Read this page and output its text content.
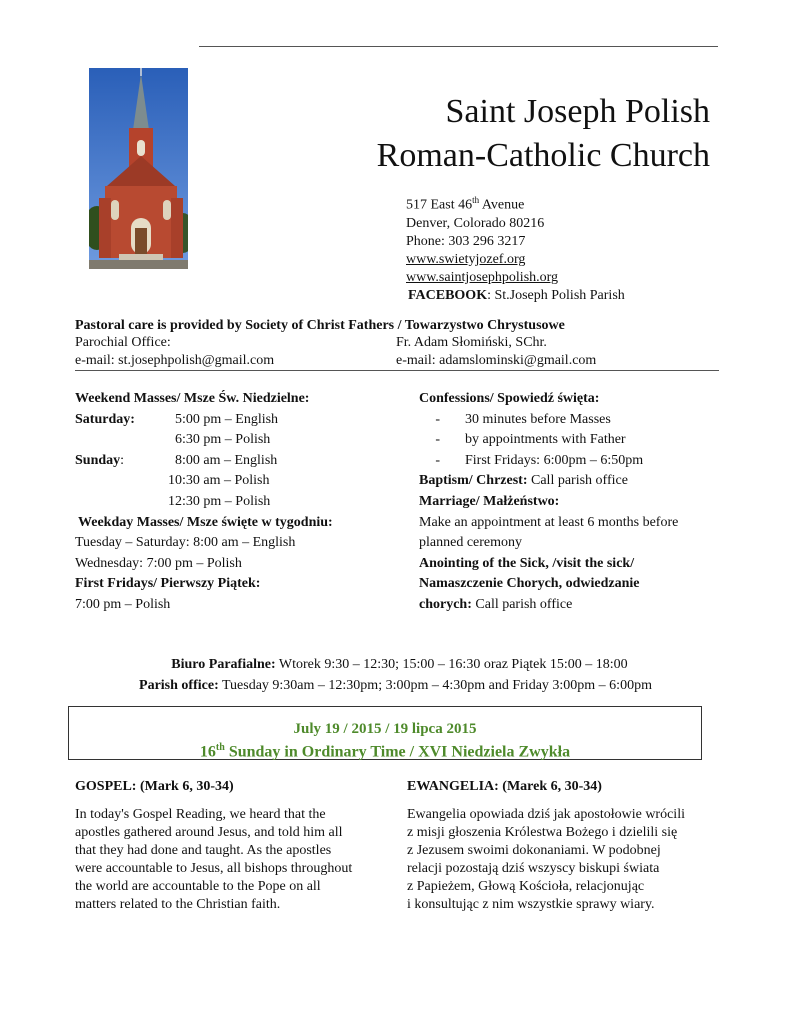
Saint Joseph Polish
Roman-Catholic Church
517 East 46th Avenue
Denver, Colorado 80216
Phone: 303 296 3217
www.swietyjozef.org
www.saintjosephpolish.org
FACEBOOK: St.Joseph Polish Parish
Pastoral care is provided by Society of Christ Fathers / Towarzystwo Chrystusowe
Parochial Office:	Fr. Adam Słomiński, SChr.
e-mail: st.josephpolish@gmail.com	e-mail: adamslominski@gmail.com
Weekend Masses/ Msze Św. Niedzielne:
Saturday:	5:00 pm – English
6:30 pm – Polish
Sunday:	8:00 am – English
10:30 am – Polish
12:30 pm – Polish
Weekday Masses/ Msze święte w tygodniu:
Tuesday – Saturday: 8:00 am – English
Wednesday: 7:00 pm – Polish
First Fridays/ Pierwszy Piątek:
7:00 pm – Polish
Confessions/ Spowiedź święta:
- 30 minutes before Masses
- by appointments with Father
- First Fridays: 6:00pm – 6:50pm
Baptism/ Chrzest: Call parish office
Marriage/ Małżeństwo:
Make an appointment at least 6 months before
planned ceremony
Anointing of the Sick, /visit the sick/
Namaszczenie Chorych, odwiedzanie
chorych: Call parish office
Biuro Parafialne: Wtorek 9:30 – 12:30; 15:00 – 16:30 oraz Piątek 15:00 – 18:00
Parish office: Tuesday 9:30am – 12:30pm; 3:00pm – 4:30pm and Friday 3:00pm – 6:00pm
July 19 / 2015 / 19 lipca 2015
16th Sunday in Ordinary Time / XVI Niedziela Zwykła
GOSPEL: (Mark 6, 30-34)
In today's Gospel Reading, we heard that the
apostles gathered around Jesus, and told him all
that they had done and taught. As the apostles
were accountable to Jesus, all bishops throughout
the world are accountable to the Pope on all
matters related to the Christian faith.
EWANGELIA: (Marek 6, 30-34)
Ewangelia opowiada dziś jak apostołowie wrócili
z misji głoszenia Królestwa Bożego i dzielili się
z Jezusem swoimi dokonaniami. W podobnej
relacji pozostają dziś wszyscy biskupi świata
z Papieżem, Głową Kościoła, relacjonując
i konsultując z nim wszystkie sprawy wiary.
